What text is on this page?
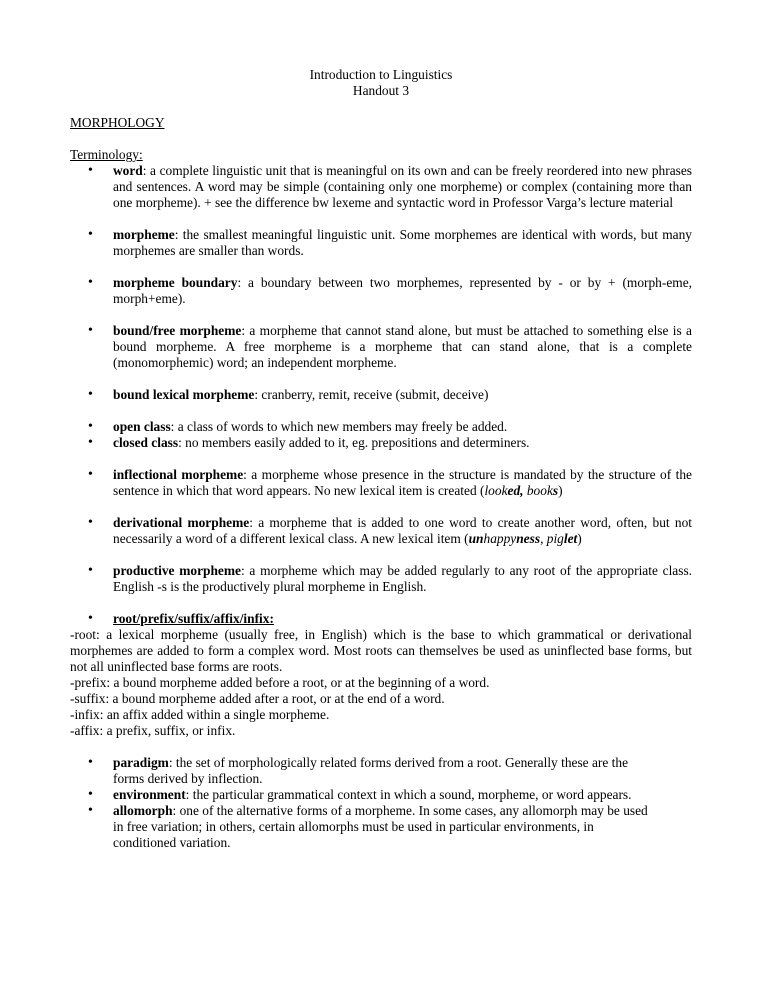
Introduction to Linguistics

Handout 3

MORPHOLOGY

Terminology:

• word: a complete linguistic unit that is meaningful on its own and can be freely reordered into new phrases and sentences. A word may be simple (containing only one morpheme) or complex (containing more than one morpheme). + see the difference bw lexeme and syntactic word in Professor Varga’s lecture material
• morpheme: the smallest meaningful linguistic unit. Some morphemes are identical with words, but many morphemes are smaller than words.
• morpheme boundary: a boundary between two morphemes, represented by - or by + (morph-eme, morph+eme).
• bound/free morpheme: a morpheme that cannot stand alone, but must be attached to something else is a bound morpheme. A free morpheme is a morpheme that can stand alone, that is a complete (monomorphemic) word; an independent morpheme.
• bound lexical morpheme: cranberry, remit, receive (submit, deceive)
• open class: a class of words to which new members may freely be added.
• closed class: no members easily added to it, eg. prepositions and determiners.
• inflectional morpheme: a morpheme whose presence in the structure is mandated by the structure of the sentence in which that word appears. No new lexical item is created (looked, books)
• derivational morpheme: a morpheme that is added to one word to create another word, often, but not necessarily a word of a different lexical class. A new lexical item (unhappyness, piglet)
• productive morpheme: a morpheme which may be added regularly to any root of the appropriate class. English -s is the productively plural morpheme in English.
• root/prefix/suffix/affix/infix:

-root: a lexical morpheme (usually free, in English) which is the base to which grammatical or derivational morphemes are added to form a complex word. Most roots can themselves be used as uninflected base forms, but not all uninflected base forms are roots.

-prefix: a bound morpheme added before a root, or at the beginning of a word.

-suffix: a bound morpheme added after a root, or at the end of a word.

-infix: an affix added within a single morpheme.

-affix: a prefix, suffix, or infix.

• paradigm: the set of morphologically related forms derived from a root. Generally these are the forms derived by inflection.
• environment: the particular grammatical context in which a sound, morpheme, or word appears.
• allomorph: one of the alternative forms of a morpheme. In some cases, any allomorph may be used in free variation; in others, certain allomorphs must be used in particular environments, in conditioned variation.
